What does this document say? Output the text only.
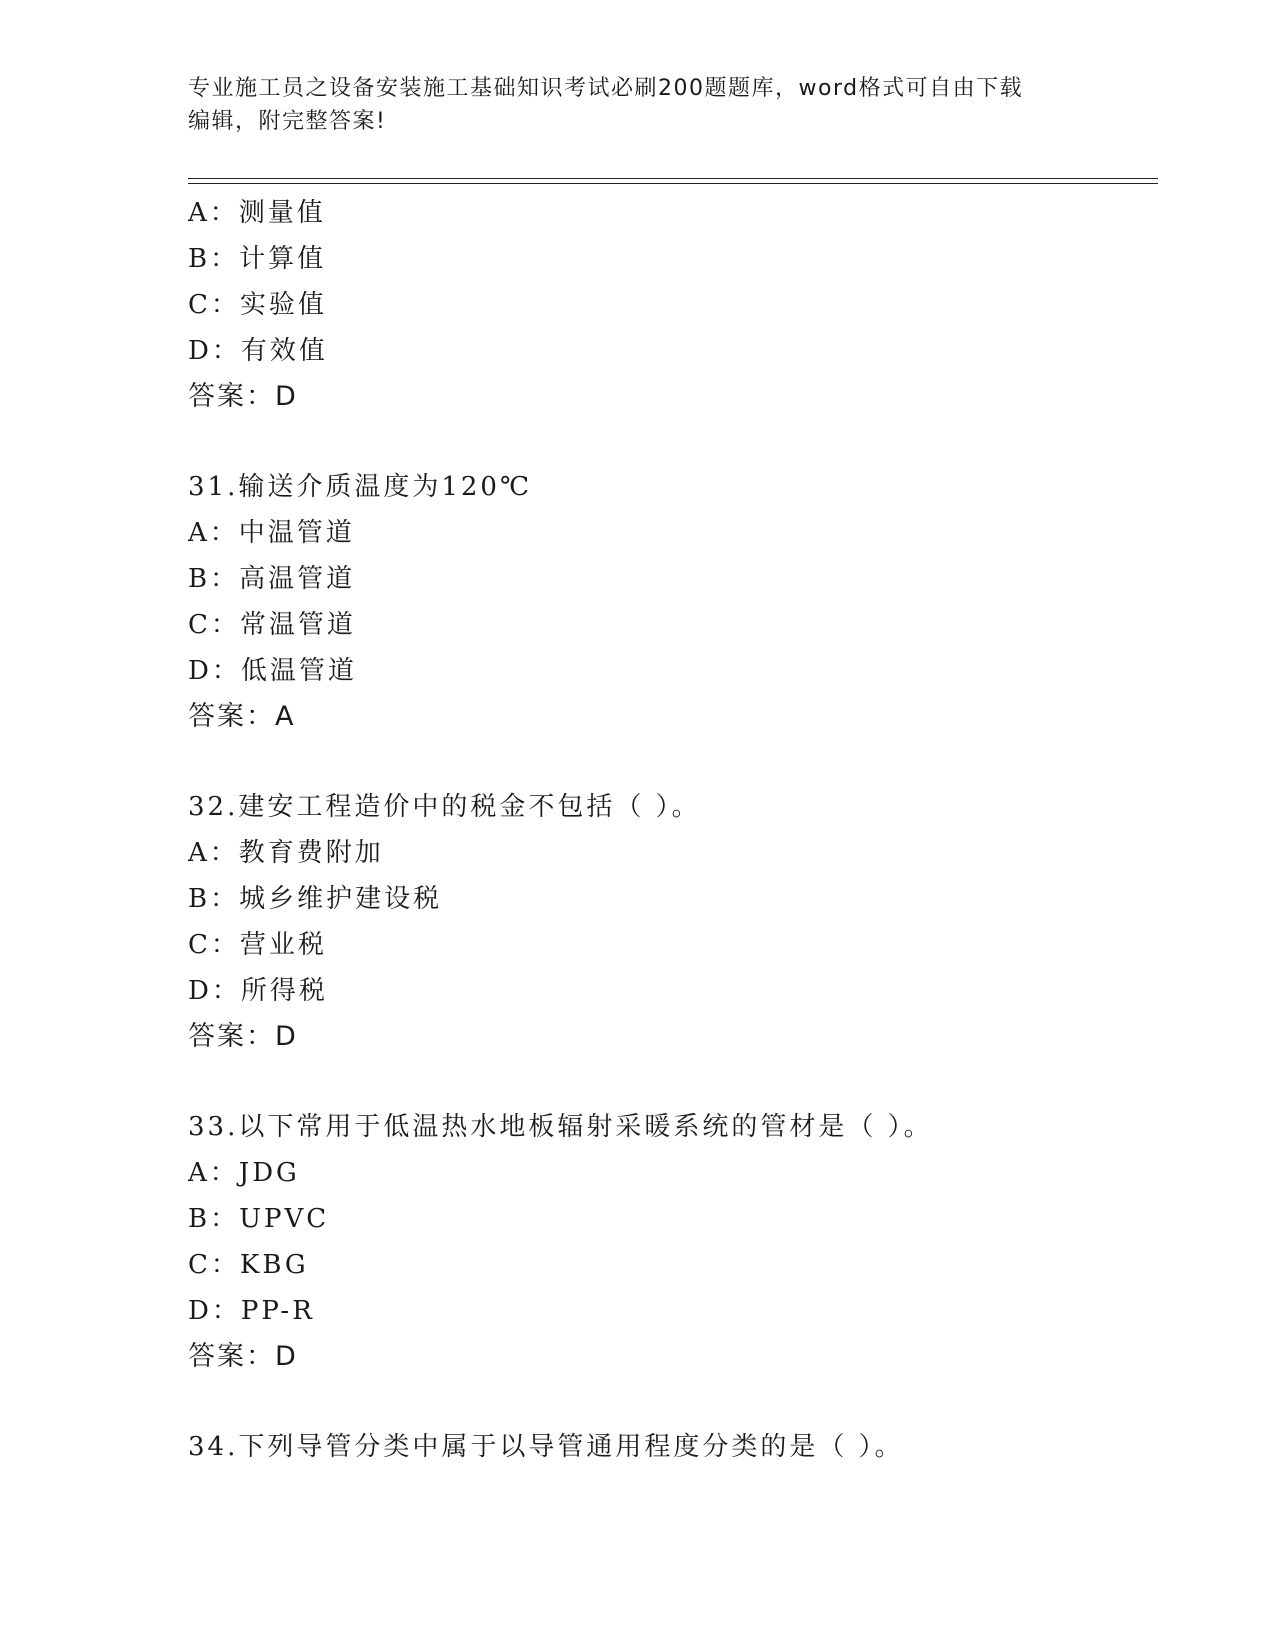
专业施工员之设备安装施工基础知识考试必刷200题题库，word格式可自由下载
编辑，附完整答案!
A：测量值
B：计算值
C：实验值
D：有效值
答案：D
31.输送介质温度为120℃
A：中温管道
B：高温管道
C：常温管道
D：低温管道
答案：A
32.建安工程造价中的税金不包括（ ）。
A：教育费附加
B：城乡维护建设税
C：营业税
D：所得税
答案：D
33.以下常用于低温热水地板辐射采暖系统的管材是（ ）。
A：JDG
B：UPVC
C：KBG
D：PP-R
答案：D
34.下列导管分类中属于以导管通用程度分类的是（ ）。
